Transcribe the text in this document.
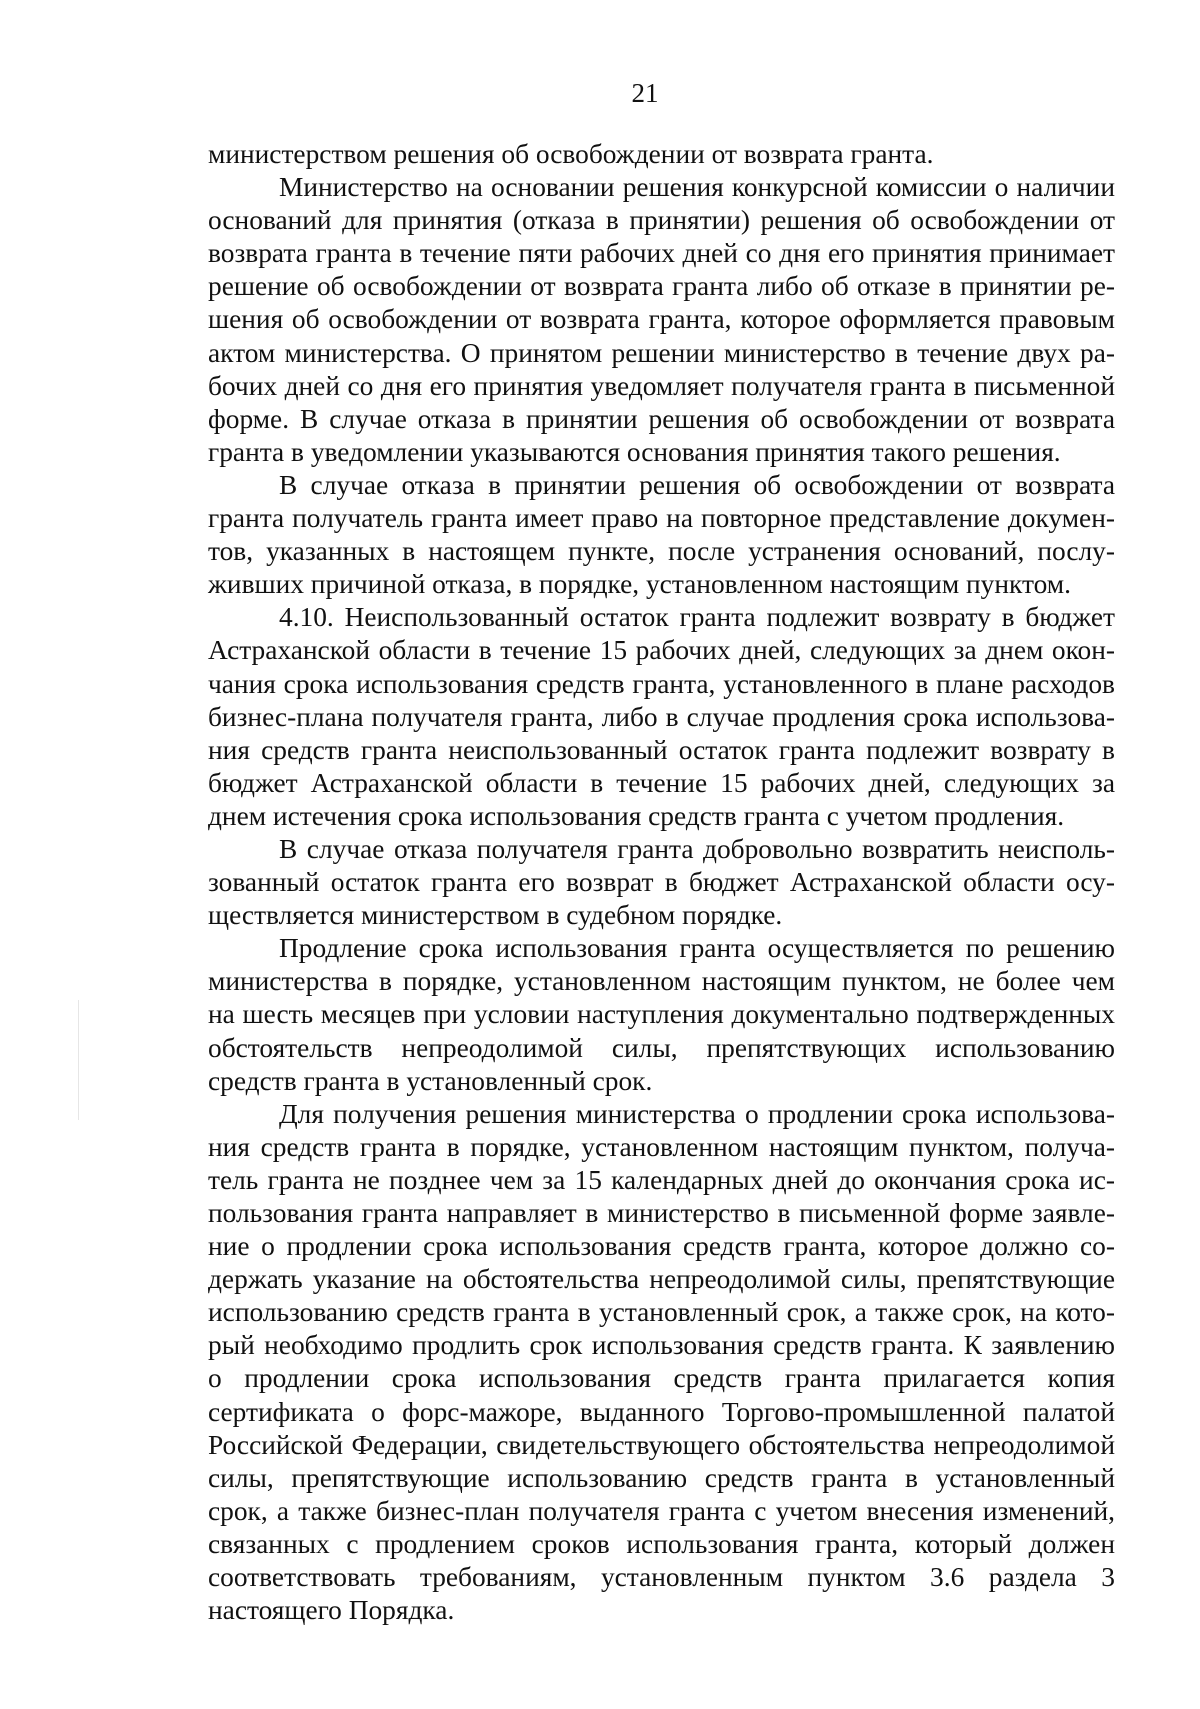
21

министерством решения об освобождении от возврата гранта.

Министерство на основании решения конкурсной комиссии о наличии оснований для принятия (отказа в принятии) решения об освобождении от возврата гранта в течение пяти рабочих дней со дня его принятия принимает решение об освобождении от возврата гранта либо об отказе в принятии решения об освобождении от возврата гранта, которое оформляется правовым актом министерства. О принятом решении министерство в течение двух рабочих дней со дня его принятия уведомляет получателя гранта в письменной форме. В случае отказа в принятии решения об освобождении от возврата гранта в уведомлении указываются основания принятия такого решения.

В случае отказа в принятии решения об освобождении от возврата гранта получатель гранта имеет право на повторное представление документов, указанных в настоящем пункте, после устранения оснований, послуживших причиной отказа, в порядке, установленном настоящим пунктом.

4.10. Неиспользованный остаток гранта подлежит возврату в бюджет Астраханской области в течение 15 рабочих дней, следующих за днем окончания срока использования средств гранта, установленного в плане расходов бизнес-плана получателя гранта, либо в случае продления срока использования средств гранта неиспользованный остаток гранта подлежит возврату в бюджет Астраханской области в течение 15 рабочих дней, следующих за днем истечения срока использования средств гранта с учетом продления.

В случае отказа получателя гранта добровольно возвратить неиспользованный остаток гранта его возврат в бюджет Астраханской области осуществляется министерством в судебном порядке.

Продление срока использования гранта осуществляется по решению министерства в порядке, установленном настоящим пунктом, не более чем на шесть месяцев при условии наступления документально подтвержденных обстоятельств непреодолимой силы, препятствующих использованию средств гранта в установленный срок.

Для получения решения министерства о продлении срока использования средств гранта в порядке, установленном настоящим пунктом, получатель гранта не позднее чем за 15 календарных дней до окончания срока использования гранта направляет в министерство в письменной форме заявление о продлении срока использования средств гранта, которое должно содержать указание на обстоятельства непреодолимой силы, препятствующие использованию средств гранта в установленный срок, а также срок, на который необходимо продлить срок использования средств гранта. К заявлению о продлении срока использования средств гранта прилагается копия сертификата о форс-мажоре, выданного Торгово-промышленной палатой Российской Федерации, свидетельствующего обстоятельства непреодолимой силы, препятствующие использованию средств гранта в установленный срок, а также бизнес-план получателя гранта с учетом внесения изменений, связанных с продлением сроков использования гранта, который должен соответствовать требованиям, установленным пунктом 3.6 раздела 3 настоящего Порядка.
